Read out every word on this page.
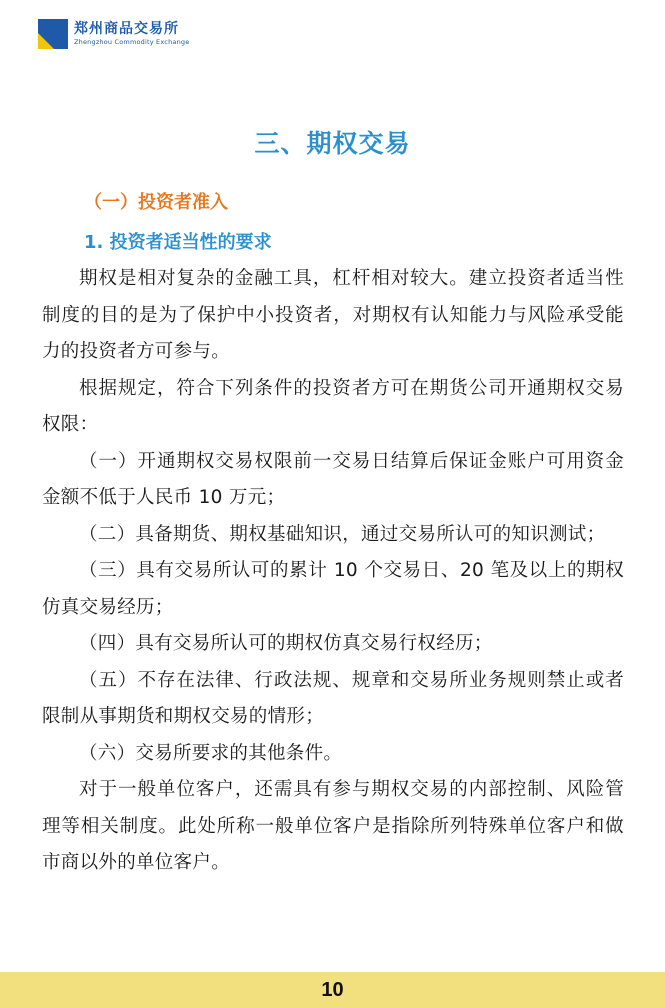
郑州商品交易所
Zhengzhou Commodity Exchange
三、期权交易
（一）投资者准入
1. 投资者适当性的要求

期权是相对复杂的金融工具，杠杆相对较大。建立投资者适当性制度的目的是为了保护中小投资者，对期权有认知能力与风险承受能力的投资者方可参与。

根据规定，符合下列条件的投资者方可在期货公司开通期权交易权限：

（一）开通期权交易权限前一交易日结算后保证金账户可用资金金额不低于人民币 10 万元；

（二）具备期货、期权基础知识，通过交易所认可的知识测试；

（三）具有交易所认可的累计 10 个交易日、20 笔及以上的期权仿真交易经历；

（四）具有交易所认可的期权仿真交易行权经历；

（五）不存在法律、行政法规、规章和交易所业务规则禁止或者限制从事期货和期权交易的情形；

（六）交易所要求的其他条件。

对于一般单位客户，还需具有参与期权交易的内部控制、风险管理等相关制度。此处所称一般单位客户是指除所列特殊单位客户和做市商以外的单位客户。

10
